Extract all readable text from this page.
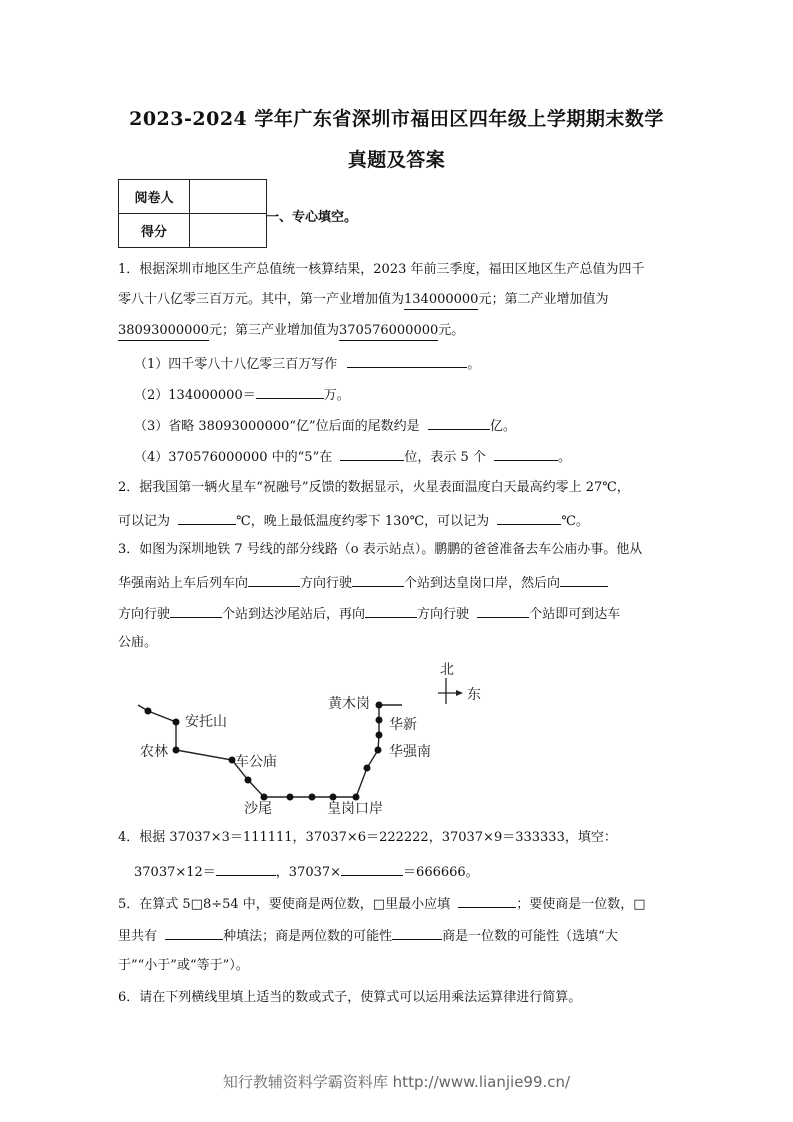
2023-2024 学年广东省深圳市福田区四年级上学期期末数学
真题及答案
阅卷人	
得分	
一、专心填空。
1．根据深圳市地区生产总值统一核算结果，2023 年前三季度，福田区地区生产总值为四千
零八十八亿零三百万元。其中，第一产业增加值为134000000元；第二产业增加值为
38093000000元；第三产业增加值为370576000000元。
（1）四千零八十八亿零三百万写作	。
（2）134000000＝	万。
（3）省略 38093000000“亿”位后面的尾数约是	亿。
（4）370576000000 中的“5”在	位，表示 5 个	。
2．据我国第一辆火星车“祝融号”反馈的数据显示，火星表面温度白天最高约零上 27℃，
可以记为	℃，晚上最低温度约零下 130℃，可以记为	℃。
3．如图为深圳地铁 7 号线的部分线路（o 表示站点）。鹏鹏的爸爸准备去车公庙办事。他从
华强南站上车后列车向	方向行驶	个站到达皇岗口岸，然后向
方向行驶	个站到达沙尾站后，再向	方向行驶	个站即可到达车
公庙。
北
东
黄木岗
华新
华强南
安托山
农林
车公庙
沙尾	皇岗口岸
4．根据 37037×3＝111111，37037×6＝222222，37037×9＝333333，填空：
37037×12＝	，37037×	＝666666。
5．在算式 5□8÷54 中，要使商是两位数，□里最小应填	；要使商是一位数，□
里共有	种填法；商是两位数的可能性	商是一位数的可能性（选填“大
于”“小于”或“等于”）。
6．请在下列横线里填上适当的数或式子，使算式可以运用乘法运算律进行简算。
知行教辅资料学霸资料库 http://www.lianjie99.cn/
